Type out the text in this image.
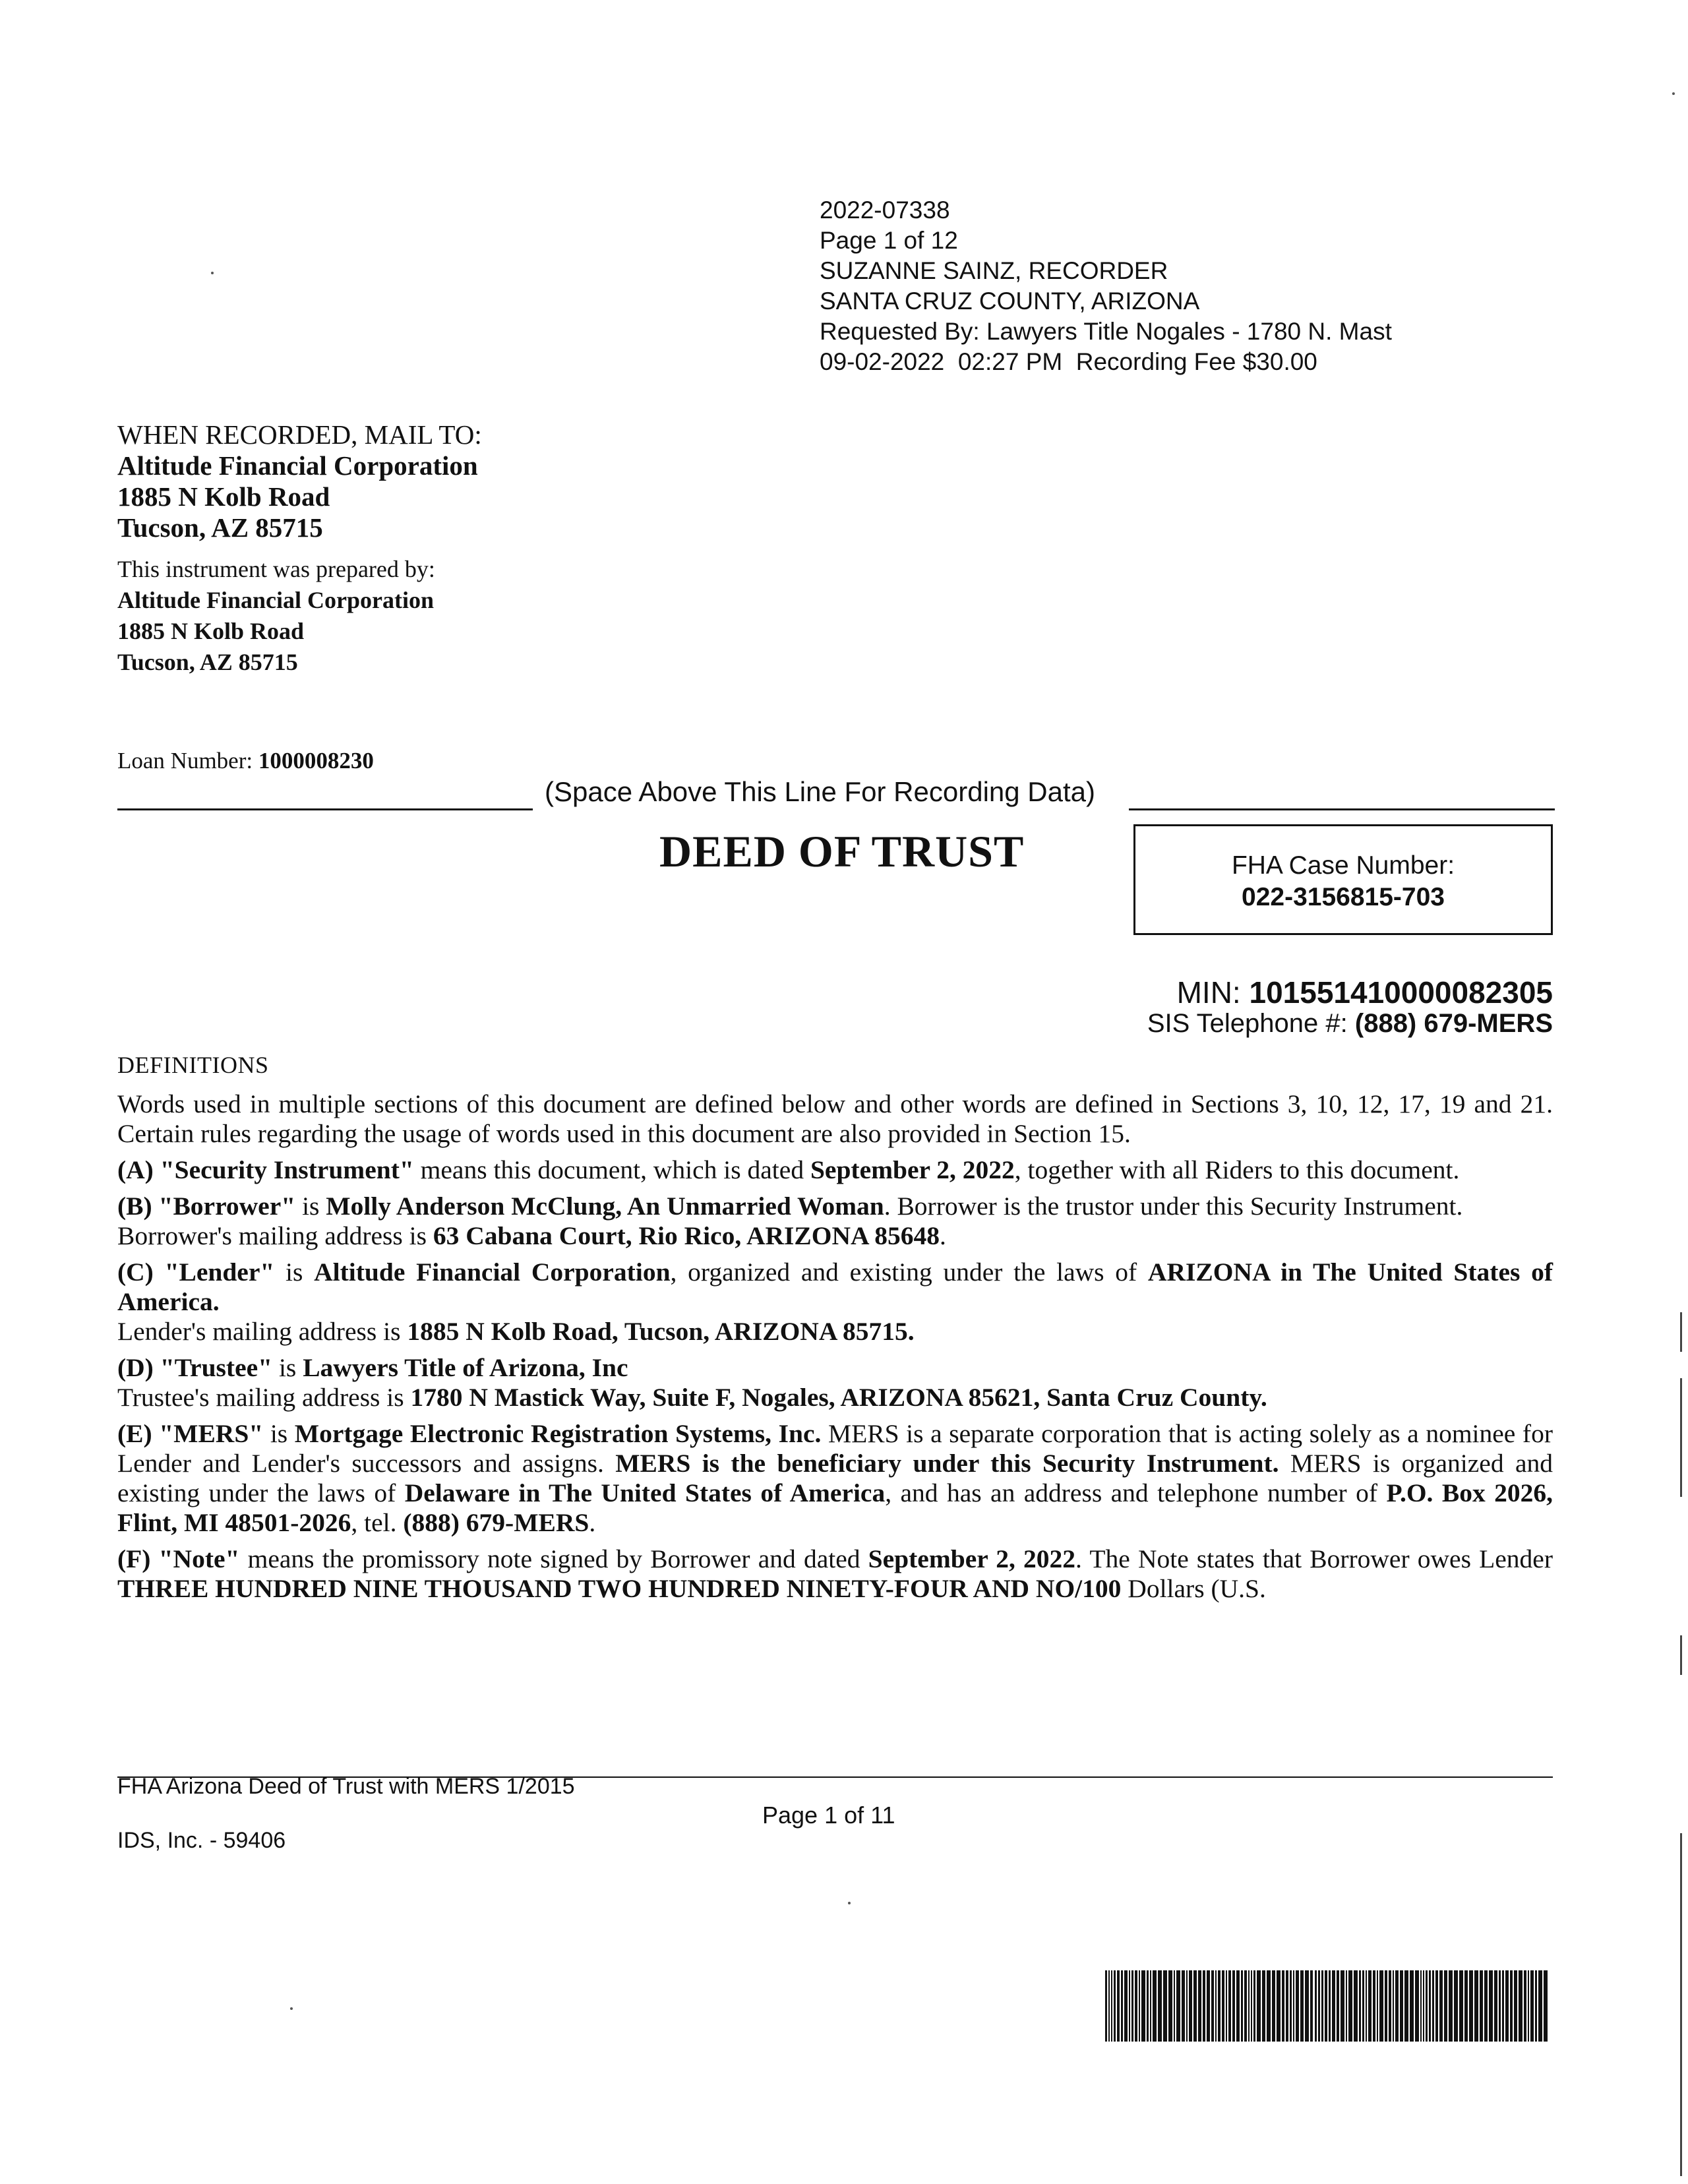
2022-07338
Page 1 of 12
SUZANNE SAINZ, RECORDER
SANTA CRUZ COUNTY, ARIZONA
Requested By: Lawyers Title Nogales - 1780 N. Mast
09-02-2022  02:27 PM  Recording Fee $30.00
WHEN RECORDED, MAIL TO:
Altitude Financial Corporation
1885 N Kolb Road
Tucson, AZ 85715
This instrument was prepared by:
Altitude Financial Corporation
1885 N Kolb Road
Tucson, AZ 85715
Loan Number: 1000008230
(Space Above This Line For Recording Data)
DEED OF TRUST	FHA Case Number:
022-3156815-703
MIN: 101551410000082305
SIS Telephone #: (888) 679-MERS
DEFINITIONS

Words used in multiple sections of this document are defined below and other words are defined in Sections 3, 10, 12, 17, 19 and 21. Certain rules regarding the usage of words used in this document are also provided in Section 15.

(A) "Security Instrument" means this document, which is dated September 2, 2022, together with all Riders to this document.

(B) "Borrower" is Molly Anderson McClung, An Unmarried Woman. Borrower is the trustor under this Security Instrument.
Borrower's mailing address is 63 Cabana Court, Rio Rico, ARIZONA 85648.

(C) "Lender" is Altitude Financial Corporation, organized and existing under the laws of ARIZONA in The United States of America.
Lender's mailing address is 1885 N Kolb Road, Tucson, ARIZONA 85715.

(D) "Trustee" is Lawyers Title of Arizona, Inc
Trustee's mailing address is 1780 N Mastick Way, Suite F, Nogales, ARIZONA 85621, Santa Cruz County.

(E) "MERS" is Mortgage Electronic Registration Systems, Inc. MERS is a separate corporation that is acting solely as a nominee for Lender and Lender's successors and assigns. MERS is the beneficiary under this Security Instrument. MERS is organized and existing under the laws of Delaware in The United States of America, and has an address and telephone number of P.O. Box 2026, Flint, MI 48501-2026, tel. (888) 679-MERS.

(F) "Note" means the promissory note signed by Borrower and dated September 2, 2022. The Note states that Borrower owes Lender THREE HUNDRED NINE THOUSAND TWO HUNDRED NINETY-FOUR AND NO/100 Dollars (U.S.

FHA Arizona Deed of Trust with MERS 1/2015
Page 1 of 11
IDS, Inc. - 59406
